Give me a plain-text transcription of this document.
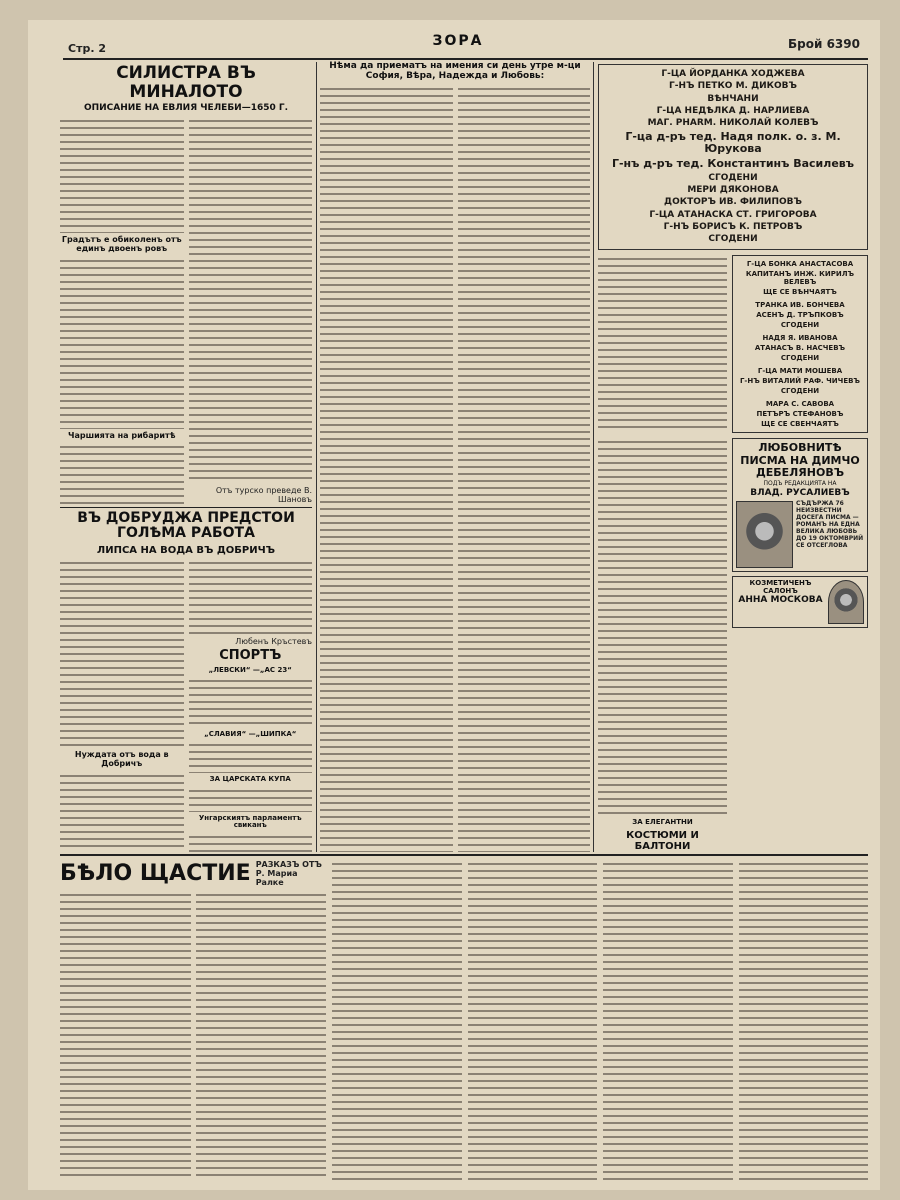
Стр. 2	ЗОРА	Брой 6390
СИЛИСТРА ВЪ МИНАЛОТО
ОПИСАНИЕ НА ЕВЛИЯ ЧЕЛЕБИ—1650 Г.
Градътъ е обиколенъ отъ единъ двоенъ ровъ
Чаршията на рибаритѣ
Отъ турско преведе В. Шановъ
ВЪ ДОБРУДЖА ПРЕДСТОИ ГОЛѢМА РАБОТА
ЛИПСА НА ВОДА ВЪ ДОБРИЧЪ
Нуждата отъ вода в Добричъ
Любенъ Кръстевъ
СПОРТЪ
„ЛЕВСКИ“ —„АС 23“
„СЛАВИЯ“ —„ШИПКА“
ЗА ЦАРСКАТА КУПА
Унгарскиятъ парламентъ свиканъ
Нѣма да приематъ на имения си день утре м-ци София, Вѣра, Надежда и Любовь:	Г-ЦА ЙОРДАНКА ХОДЖЕВА
Г-НЪ ПЕТКО М. ДИКОВЪ
ВѢНЧАНИ
Г-ЦА НЕДѢЛКА Д. НАРЛИЕВА
МАГ. PHARM. НИКОЛАЙ КОЛЕВЪ
Г-ца д-ръ тед. Надя полк. о. з. М. Юрукова
Г-нъ д-ръ тед. Константинъ Василевъ
СГОДЕНИ
МЕРИ ДЯКОНОВА
ДОКТОРЪ ИВ. ФИЛИПОВЪ
Г-ЦА АТАНАСКА СТ. ГРИГОРОВА
Г-НЪ БОРИСЪ К. ПЕТРОВЪ
СГОДЕНИ
Г-ЦА БОНКА АНАСТАСОВА
КАПИТАНЪ ИНЖ. КИРИЛЪ ВЕЛЕВЪ
ЩЕ СЕ ВѢНЧАЯТЪ
ТРАНКА ИВ. БОНЧЕВА
АСЕНЪ Д. ТРЪПКОВЪ
СГОДЕНИ
НАДЯ Я. ИВАНОВА
АТАНАСЪ В. НАСЧЕВЪ
СГОДЕНИ
Г-ЦА МАТИ МОШЕВА
Г-НЪ ВИТАЛИЙ РАФ. ЧИЧЕВЪ
СГОДЕНИ
МАРА С. САВОВА
ПЕТЪРЪ СТЕФАНОВЪ
ЩЕ СЕ СВЕНЧАЯТЪ
ЗА ЕЛЕГАНТНИ
КОСТЮМИ И БАЛТОНИ
ЛЮБОВНИТѢ ПИСМА НА ДИМЧО ДЕБЕЛЯНОВЪ
ПОДЪ РЕДАКЦИЯТА НА
ВЛАД. РУСАЛИЕВЪ
СЪДЪРЖА 76 НЕИЗВЕСТНИ ДОСЕГА ПИСМА — РОМАНЪ НА ЕДНА ВЕЛИКА ЛЮБОВЬ ДО 19 ОКТОМВРИЙ СЕ ОТСЕГЛОВА
КОЗМЕТИЧЕНЪ САЛОНЪ
АННА МОСКОВА
БѢЛО ЩАСТИЕ РАЗКАЗЪ ОТЪ Р. Мариа Ралке
